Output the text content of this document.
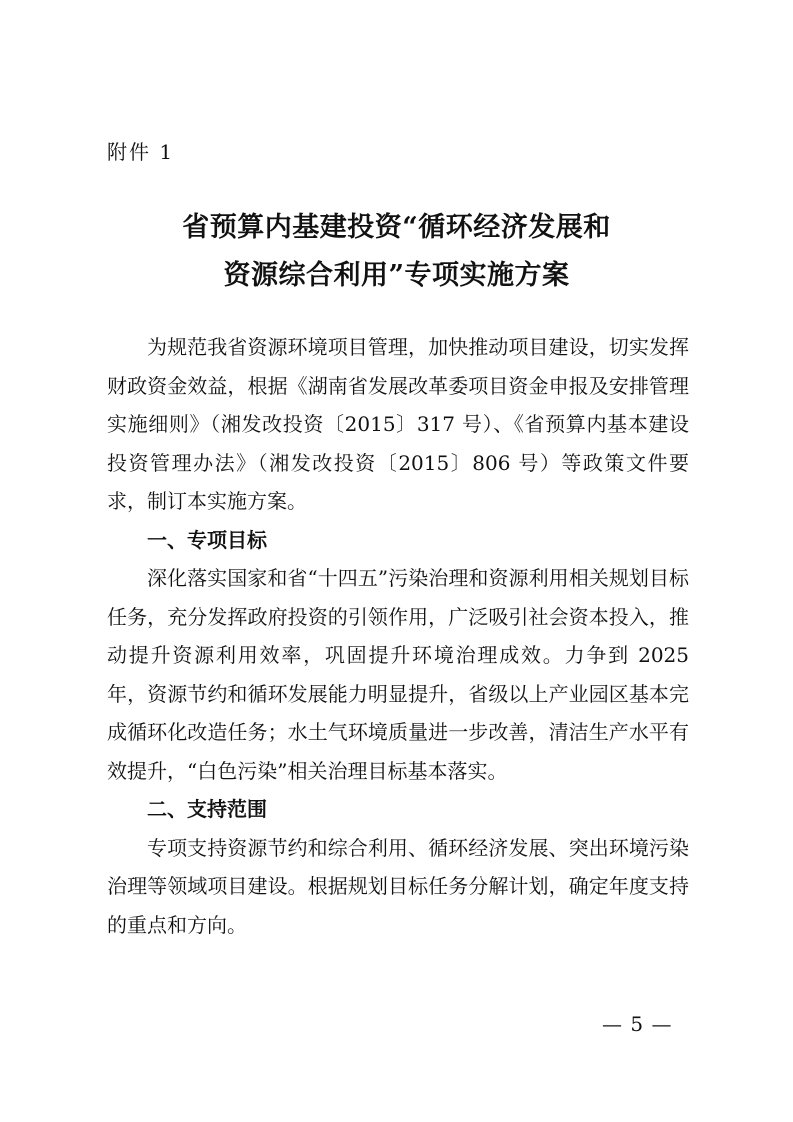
附件 1

省预算内基建投资“循环经济发展和
资源综合利用”专项实施方案

为规范我省资源环境项目管理，加快推动项目建设，切实发挥财政资金效益，根据《湖南省发展改革委项目资金申报及安排管理实施细则》（湘发改投资〔2015〕317 号）、《省预算内基本建设投资管理办法》（湘发改投资〔2015〕806 号）等政策文件要求，制订本实施方案。

一、专项目标

深化落实国家和省“十四五”污染治理和资源利用相关规划目标任务，充分发挥政府投资的引领作用，广泛吸引社会资本投入，推动提升资源利用效率，巩固提升环境治理成效。力争到 2025 年，资源节约和循环发展能力明显提升，省级以上产业园区基本完成循环化改造任务；水土气环境质量进一步改善，清洁生产水平有效提升，“白色污染”相关治理目标基本落实。

二、支持范围

专项支持资源节约和综合利用、循环经济发展、突出环境污染治理等领域项目建设。根据规划目标任务分解计划，确定年度支持的重点和方向。

— 5 —
